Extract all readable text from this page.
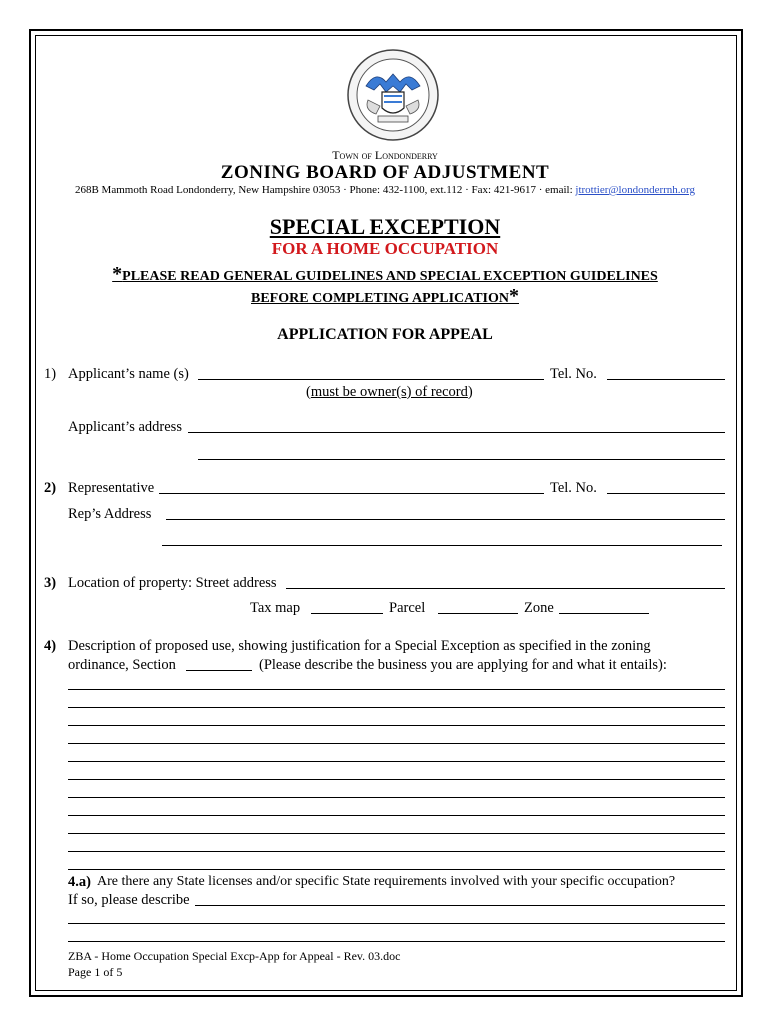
Town of Londonderry
ZONING BOARD OF ADJUSTMENT
268B Mammoth Road Londonderry, New Hampshire 03053 · Phone: 432-1100, ext.112 · Fax: 421-9617 · email: jtrottier@londonderrnh.org
SPECIAL EXCEPTION
FOR A HOME OCCUPATION
*PLEASE READ GENERAL GUIDELINES AND SPECIAL EXCEPTION GUIDELINES
BEFORE COMPLETING APPLICATION*
APPLICATION FOR APPEAL
1) Applicant’s name (s)	Tel. No.
(must be owner(s) of record)
Applicant’s address
2) Representative	Tel. No.
Rep’s Address
3) Location of property: Street address
Tax map	Parcel	Zone
4) Description of proposed use, showing justification for a Special Exception as specified in the zoning
ordinance, Section	(Please describe the business you are applying for and what it entails):
4.a) Are there any State licenses and/or specific State requirements involved with your specific occupation?
If so, please describe
ZBA - Home Occupation Special Excp-App for Appeal - Rev. 03.doc
Page 1 of 5
